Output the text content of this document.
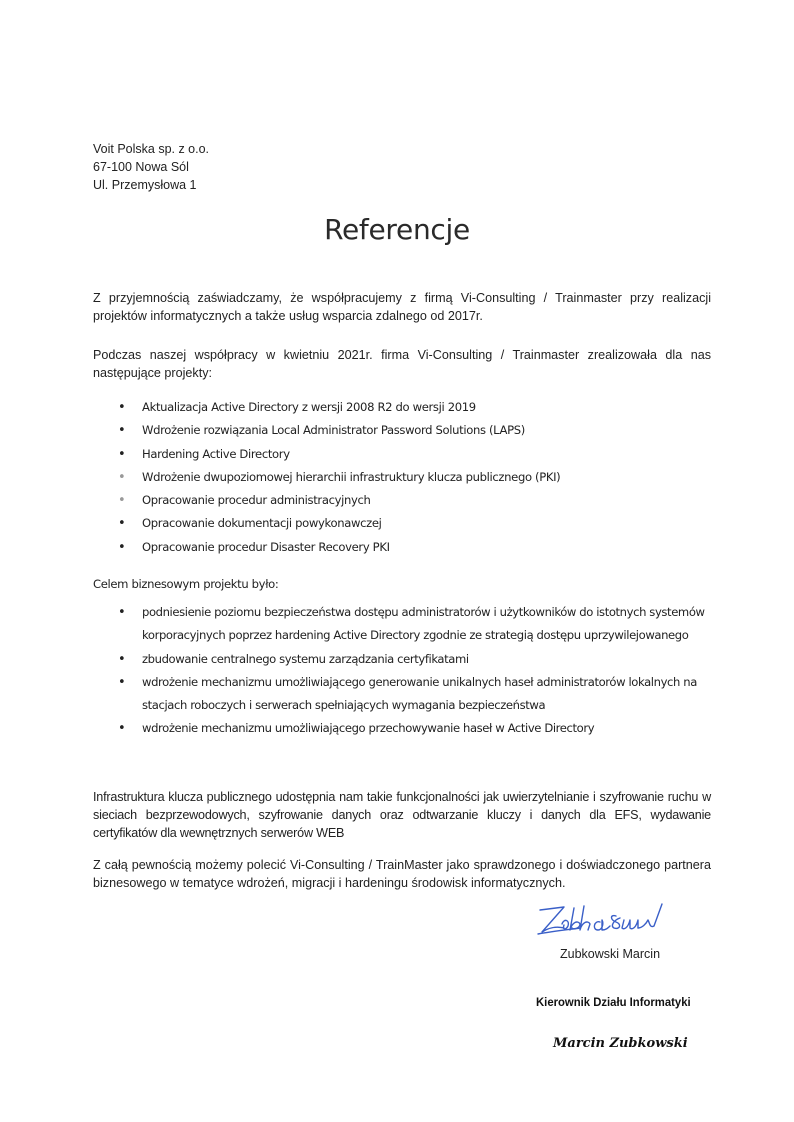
Voit Polska sp. z o.o.
67-100 Nowa Sól
Ul. Przemysłowa 1
Referencje

Z przyjemnością zaświadczamy, że współpracujemy z firmą Vi-Consulting / Trainmaster przy realizacji projektów informatycznych a także usług wsparcia zdalnego od 2017r.

Podczas naszej współpracy w kwietniu 2021r. firma Vi-Consulting / Trainmaster zrealizowała dla nas następujące projekty:

• Aktualizacja Active Directory z wersji 2008 R2 do wersji 2019
• Wdrożenie rozwiązania Local Administrator Password Solutions (LAPS)
• Hardening Active Directory
• Wdrożenie dwupoziomowej hierarchii infrastruktury klucza publicznego (PKI)
• Opracowanie procedur administracyjnych
• Opracowanie dokumentacji powykonawczej
• Opracowanie procedur Disaster Recovery PKI
Celem biznesowym projektu było:
• podniesienie poziomu bezpieczeństwa dostępu administratorów i użytkowników do istotnych systemów korporacyjnych poprzez hardening Active Directory zgodnie ze strategią dostępu uprzywilejowanego
• zbudowanie centralnego systemu zarządzania certyfikatami
• wdrożenie mechanizmu umożliwiającego generowanie unikalnych haseł administratorów lokalnych na stacjach roboczych i serwerach spełniających wymagania bezpieczeństwa
• wdrożenie mechanizmu umożliwiającego przechowywanie haseł w Active Directory

Infrastruktura klucza publicznego udostępnia nam takie funkcjonalności jak uwierzytelnianie i szyfrowanie ruchu w sieciach bezprzewodowych, szyfrowanie danych oraz odtwarzanie kluczy i danych dla EFS, wydawanie certyfikatów dla wewnętrznych serwerów WEB

Z całą pewnością możemy polecić Vi-Consulting / TrainMaster jako sprawdzonego i doświadczonego partnera biznesowego w tematyce wdrożeń, migracji i hardeningu środowisk informatycznych.

Zubkowski Marcin
Kierownik Działu Informatyki
Marcin Zubkowski
